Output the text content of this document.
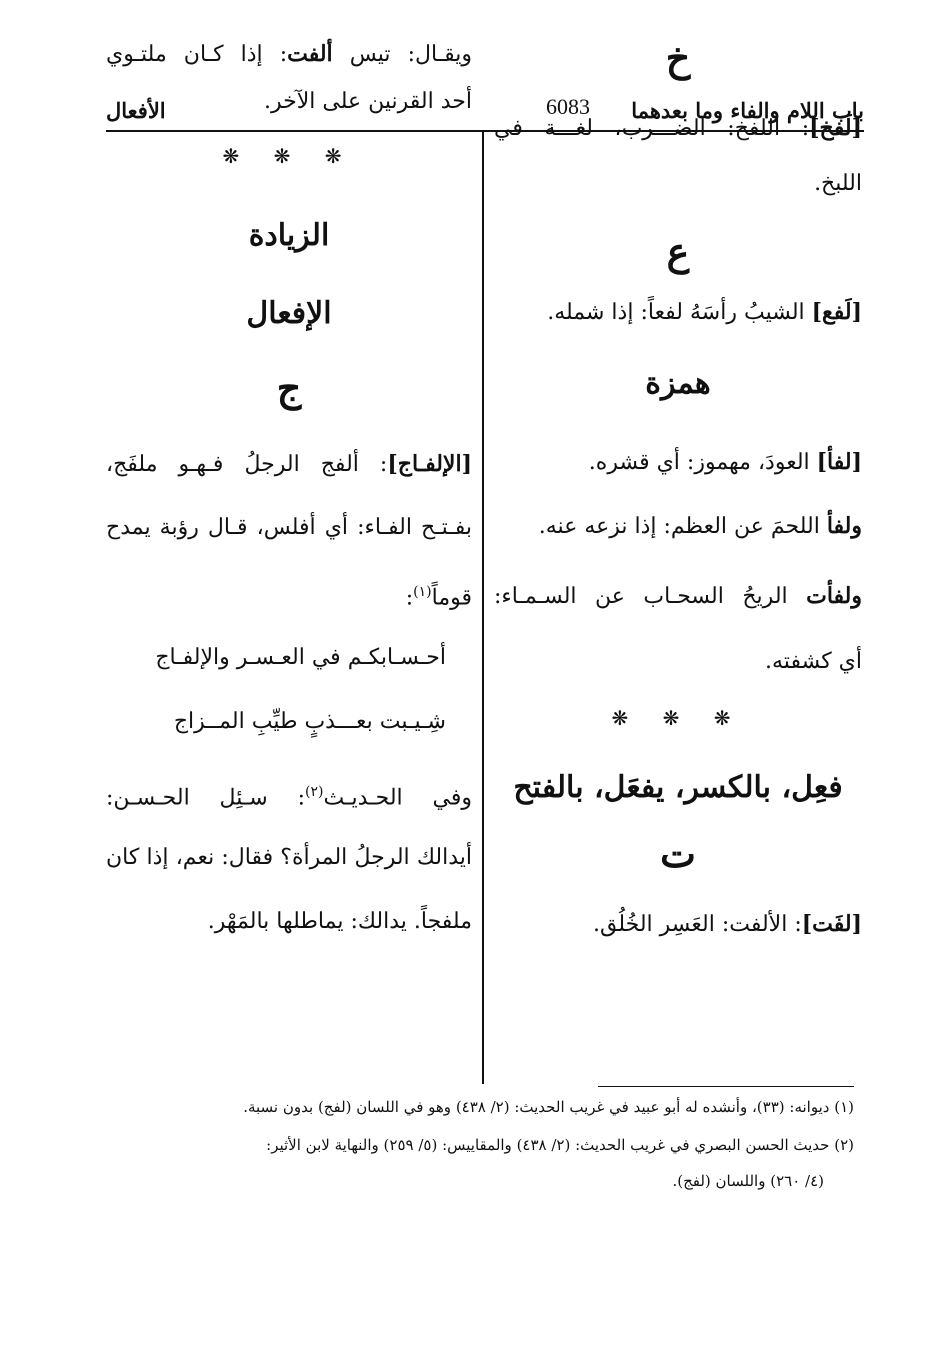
باب اللام والفاء وما بعدهما
الأفعال	6083
خ
[لَفخ]: اللفخ: الضـــرب، لغـــة في
اللبخ.
ع
[لَفع] الشيبُ رأسَهُ لفعاً: إذا شمله.
همزة
[لفأ] العودَ، مهموز: أي قشره.
ولفأ اللحمَ عن العظم: إذا نزعه عنه.
ولفأت الريحُ السحـاب عن السـمـاء:
أي كشفته.
❋ ❋ ❋
فعِل، بالكسر، يفعَل، بالفتح
ت
[لفَت]: الألفت: العَسِر الخُلُق.
ويقـال: تيس ألفت: إذا كـان ملتـوي
أحد القرنين على الآخر.
❋ ❋ ❋
الزيادة
الإفعال
ج
[الإلفـاج]: ألفج الرجلُ فـهـو ملفَج،
بفـتـح الفـاء: أي أفلس، قـال رؤبة يمدح
قوماً$^{(١)}$:
أحـسـابكـم في العـسـر والإلفـاج
شِـيـبت بعـــذبٍ طيِّبِ المــزاج
وفي الحـديـث$^{(٢)}$: سـئِل الحـسـن:
أيدالك الرجلُ المرأة؟ فقال: نعم، إذا كان
ملفجاً. يدالك: يماطلها بالمَهْر.
(١) ديوانه: (٣٣)، وأنشده له أبو عبيد في غريب الحديث: (٢/ ٤٣٨) وهو في اللسان (لفج) بدون نسبة.
(٢) حديث الحسن البصري في غريب الحديث: (٢/ ٤٣٨) والمقاييس: (٥/ ٢٥٩) والنهاية لابن الأثير:
(٤/ ٢٦٠) واللسان (لفج).
